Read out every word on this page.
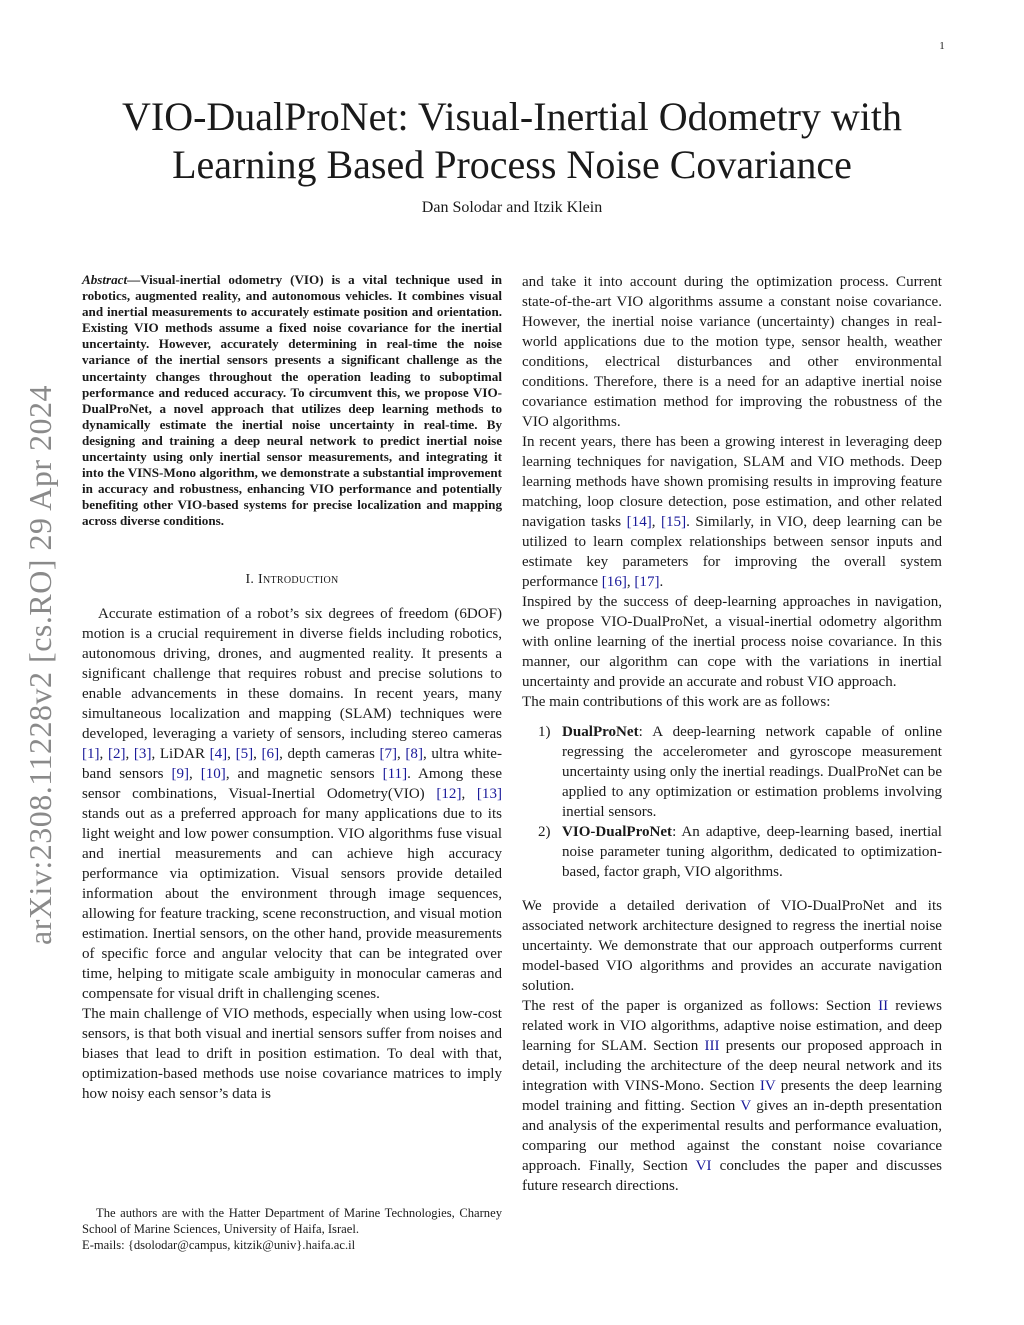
1
arXiv:2308.11228v2 [cs.RO] 29 Apr 2024
VIO-DualProNet: Visual-Inertial Odometry with Learning Based Process Noise Covariance
Dan Solodar and Itzik Klein
Abstract—Visual-inertial odometry (VIO) is a vital technique used in robotics, augmented reality, and autonomous vehicles. It combines visual and inertial measurements to accurately estimate position and orientation. Existing VIO methods assume a fixed noise covariance for the inertial uncertainty. However, accurately determining in real-time the noise variance of the inertial sensors presents a significant challenge as the uncertainty changes throughout the operation leading to suboptimal performance and reduced accuracy. To circumvent this, we propose VIO-DualProNet, a novel approach that utilizes deep learning methods to dynamically estimate the inertial noise uncertainty in real-time. By designing and training a deep neural network to predict inertial noise uncertainty using only inertial sensor measurements, and integrating it into the VINS-Mono algorithm, we demonstrate a substantial improvement in accuracy and robustness, enhancing VIO performance and potentially benefiting other VIO-based systems for precise localization and mapping across diverse conditions.
I. Introduction

Accurate estimation of a robot’s six degrees of freedom (6DOF) motion is a crucial requirement in diverse fields including robotics, autonomous driving, drones, and augmented reality. It presents a significant challenge that requires robust and precise solutions to enable advancements in these domains. In recent years, many simultaneous localization and mapping (SLAM) techniques were developed, leveraging a variety of sensors, including stereo cameras [1], [2], [3], LiDAR [4], [5], [6], depth cameras [7], [8], ultra white-band sensors [9], [10], and magnetic sensors [11]. Among these sensor combinations, Visual-Inertial Odometry(VIO) [12], [13] stands out as a preferred approach for many applications due to its light weight and low power consumption. VIO algorithms fuse visual and inertial measurements and can achieve high accuracy performance via optimization. Visual sensors provide detailed information about the environment through image sequences, allowing for feature tracking, scene reconstruction, and visual motion estimation. Inertial sensors, on the other hand, provide measurements of specific force and angular velocity that can be integrated over time, helping to mitigate scale ambiguity in monocular cameras and compensate for visual drift in challenging scenes.

The main challenge of VIO methods, especially when using low-cost sensors, is that both visual and inertial sensors suffer from noises and biases that lead to drift in position estimation. To deal with that, optimization-based methods use noise covariance matrices to imply how noisy each sensor’s data is

and take it into account during the optimization process. Current state-of-the-art VIO algorithms assume a constant noise covariance. However, the inertial noise variance (uncertainty) changes in real-world applications due to the motion type, sensor health, weather conditions, electrical disturbances and other environmental conditions. Therefore, there is a need for an adaptive inertial noise covariance estimation method for improving the robustness of the VIO algorithms.

In recent years, there has been a growing interest in leveraging deep learning techniques for navigation, SLAM and VIO methods. Deep learning methods have shown promising results in improving feature matching, loop closure detection, pose estimation, and other related navigation tasks [14], [15]. Similarly, in VIO, deep learning can be utilized to learn complex relationships between sensor inputs and estimate key parameters for improving the overall system performance [16], [17].

Inspired by the success of deep-learning approaches in navigation, we propose VIO-DualProNet, a visual-inertial odometry algorithm with online learning of the inertial process noise covariance. In this manner, our algorithm can cope with the variations in inertial uncertainty and provide an accurate and robust VIO approach.

The main contributions of this work are as follows:

1) DualProNet: A deep-learning network capable of online regressing the accelerometer and gyroscope measurement uncertainty using only the inertial readings. DualProNet can be applied to any optimization or estimation problems involving inertial sensors.
2) VIO-DualProNet: An adaptive, deep-learning based, inertial noise parameter tuning algorithm, dedicated to optimization-based, factor graph, VIO algorithms.

We provide a detailed derivation of VIO-DualProNet and its associated network architecture designed to regress the inertial noise uncertainty. We demonstrate that our approach outperforms current model-based VIO algorithms and provides an accurate navigation solution.

The rest of the paper is organized as follows: Section II reviews related work in VIO algorithms, adaptive noise estimation, and deep learning for SLAM. Section III presents our proposed approach in detail, including the architecture of the deep neural network and its integration with VINS-Mono. Section IV presents the deep learning model training and fitting. Section V gives an in-depth presentation and analysis of the experimental results and performance evaluation, comparing our method against the constant noise covariance approach. Finally, Section VI concludes the paper and discusses future research directions.

The authors are with the Hatter Department of Marine Technologies, Charney School of Marine Sciences, University of Haifa, Israel.

E-mails: {dsolodar@campus, kitzik@univ}.haifa.ac.il
